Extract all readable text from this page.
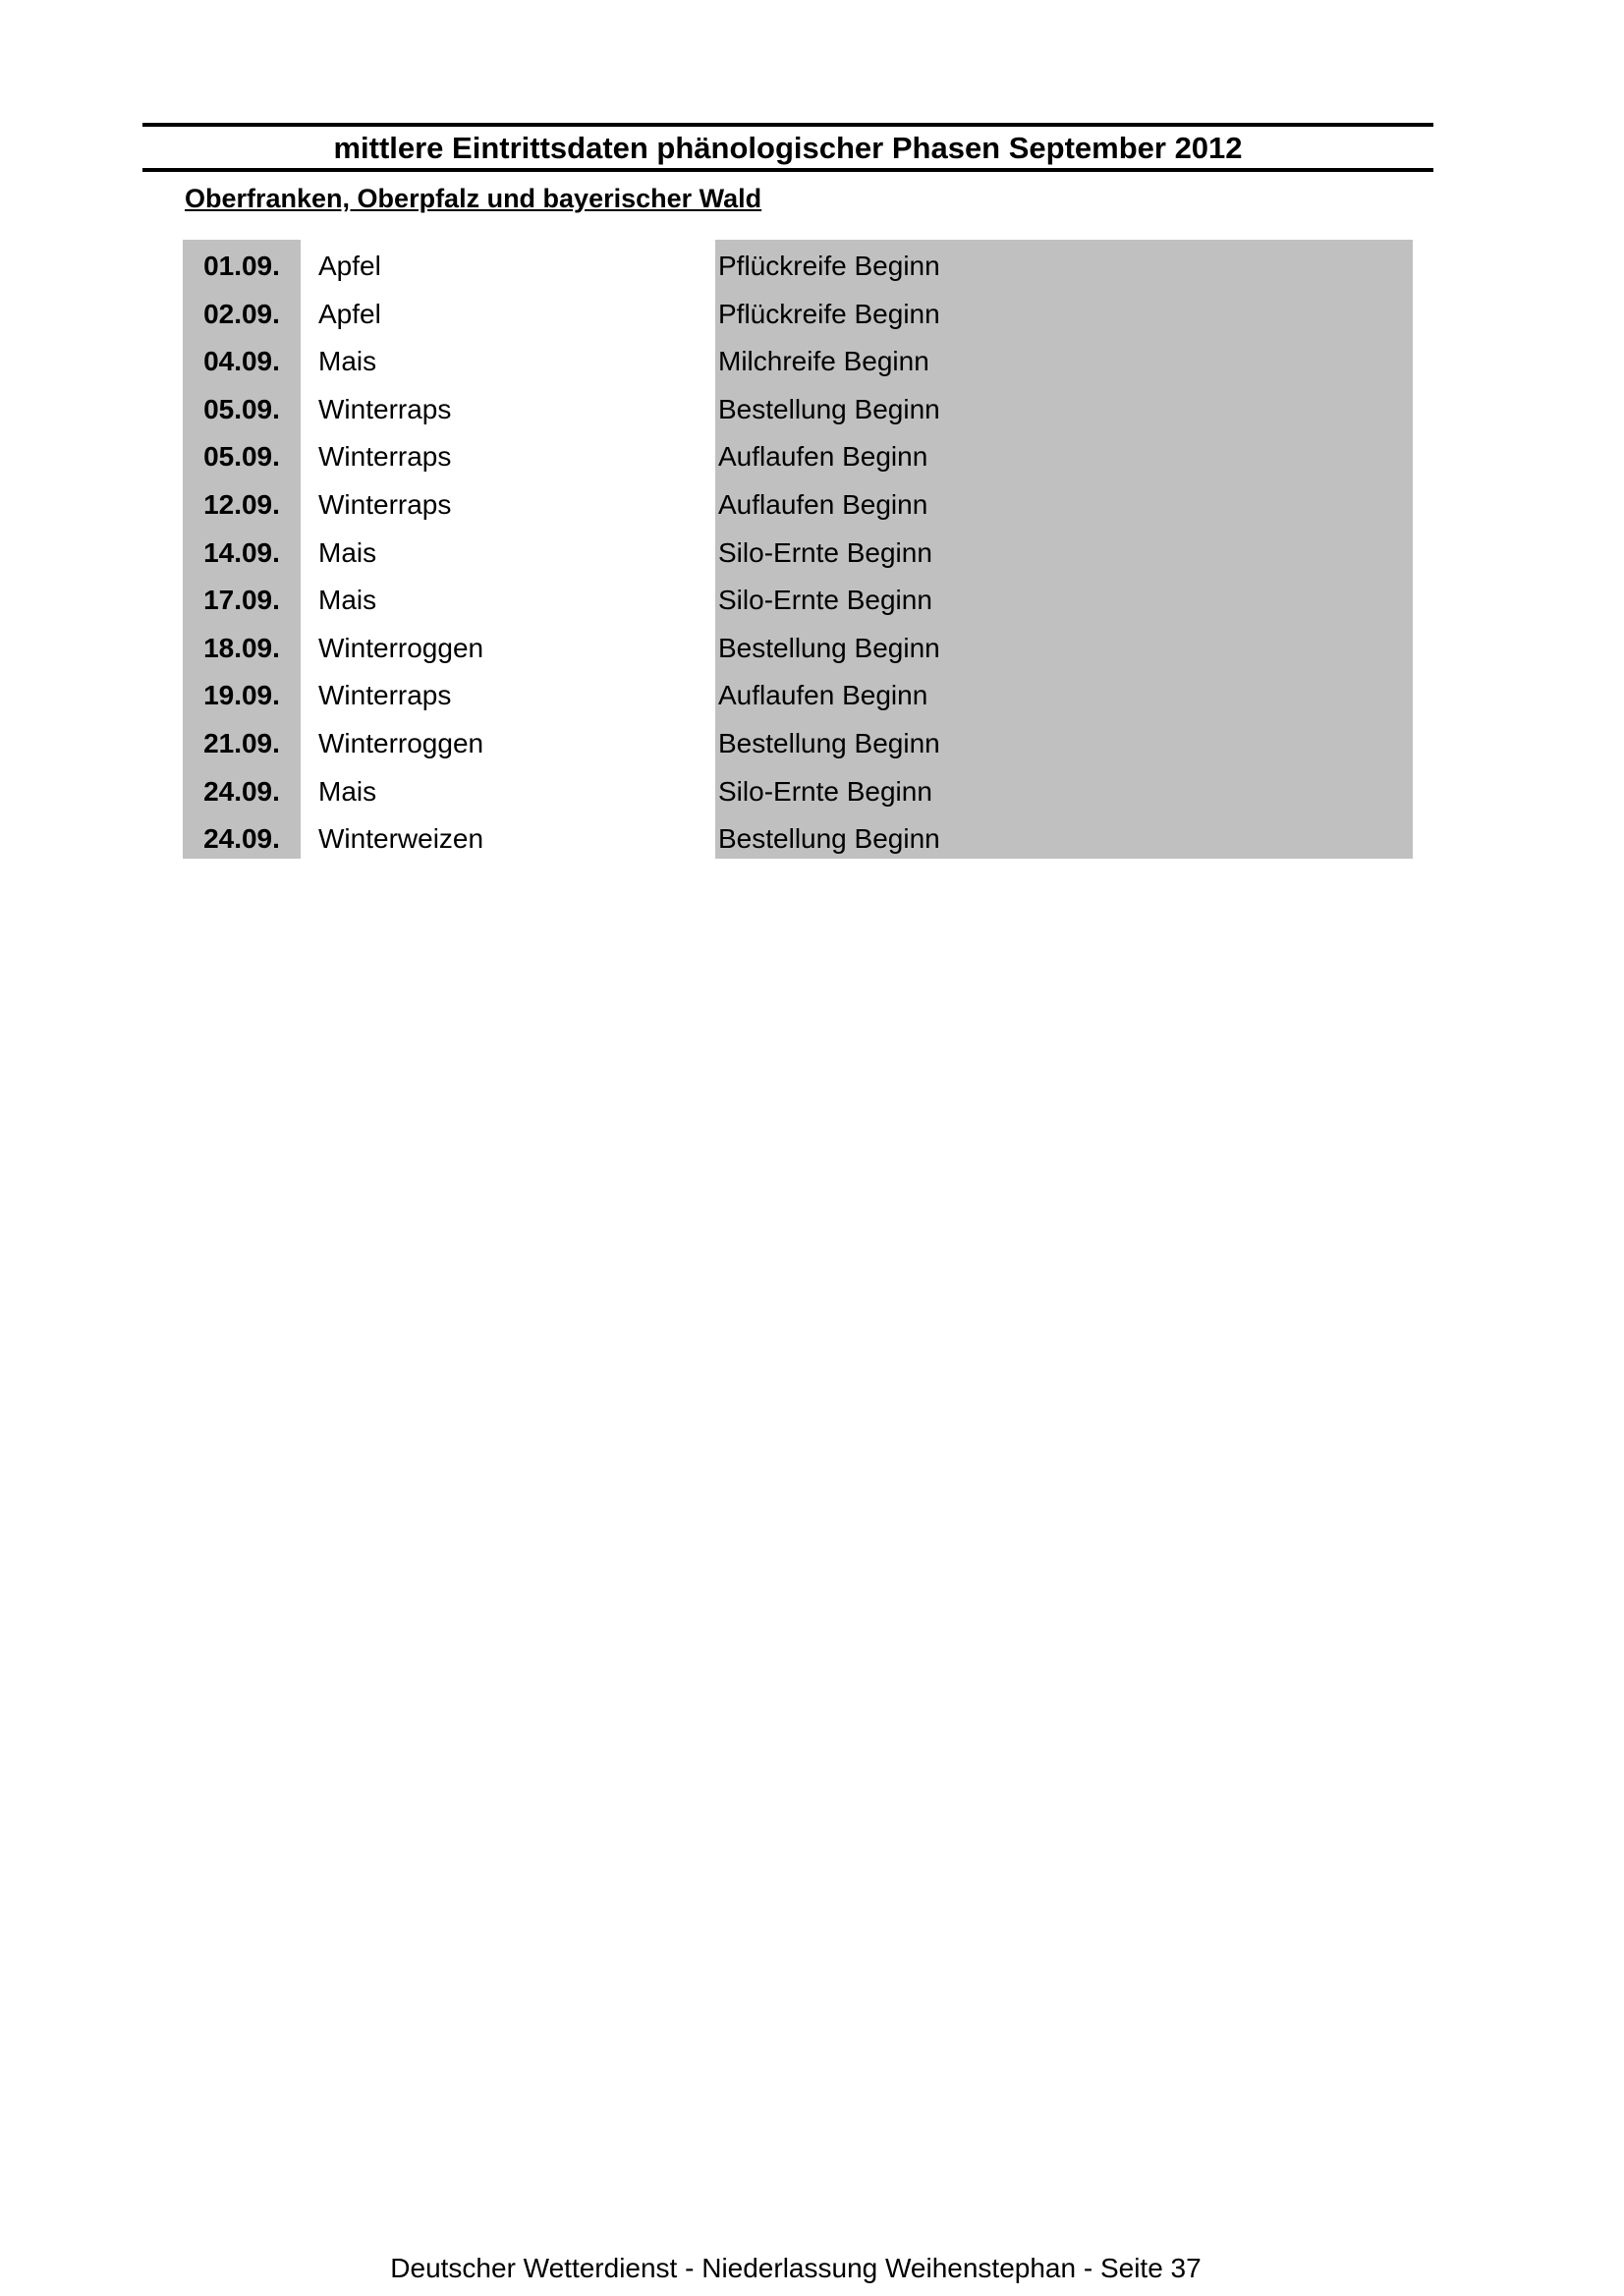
mittlere Eintrittsdaten phänologischer Phasen September 2012
Oberfranken, Oberpfalz und bayerischer Wald
01.09.	Apfel	Pflückreife Beginn
02.09.	Apfel	Pflückreife Beginn
04.09.	Mais	Milchreife Beginn
05.09.	Winterraps	Bestellung Beginn
05.09.	Winterraps	Auflaufen Beginn
12.09.	Winterraps	Auflaufen Beginn
14.09.	Mais	Silo-Ernte Beginn
17.09.	Mais	Silo-Ernte Beginn
18.09.	Winterroggen	Bestellung Beginn
19.09.	Winterraps	Auflaufen Beginn
21.09.	Winterroggen	Bestellung Beginn
24.09.	Mais	Silo-Ernte Beginn
24.09.	Winterweizen	Bestellung Beginn
Deutscher Wetterdienst - Niederlassung Weihenstephan - Seite 37
